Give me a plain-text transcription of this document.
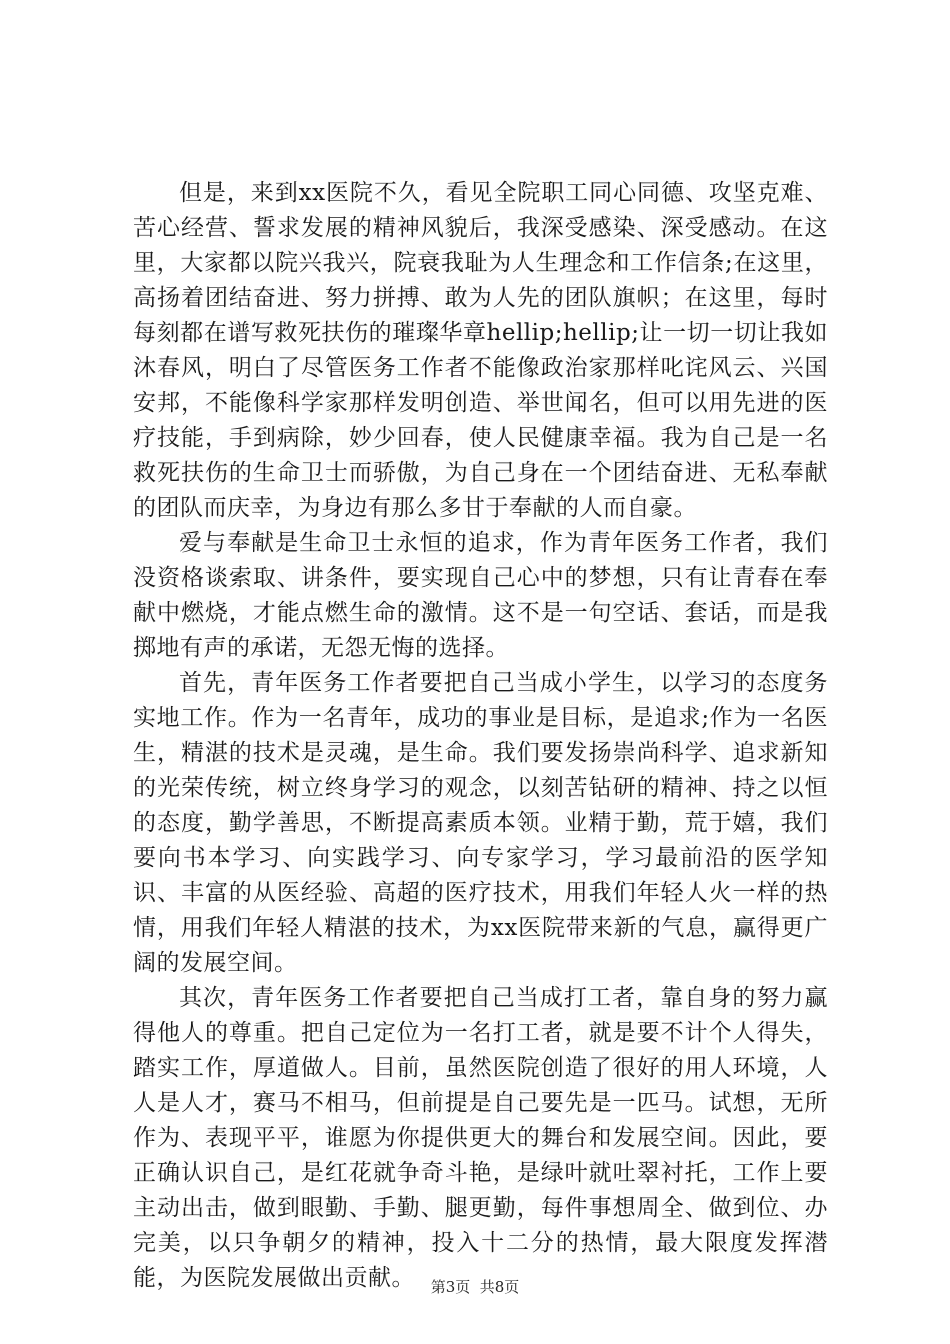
但是，来到xx医院不久，看见全院职工同心同德、攻坚克难、苦心经营、誓求发展的精神风貌后，我深受感染、深受感动。在这里，大家都以院兴我兴，院衰我耻为人生理念和工作信条;在这里，高扬着团结奋进、努力拼搏、敢为人先的团队旗帜；在这里，每时每刻都在谱写救死扶伤的璀璨华章hellip;hellip;让一切一切让我如沐春风，明白了尽管医务工作者不能像政治家那样叱诧风云、兴国安邦，不能像科学家那样发明创造、举世闻名，但可以用先进的医疗技能，手到病除，妙少回春，使人民健康幸福。我为自己是一名救死扶伤的生命卫士而骄傲，为自己身在一个团结奋进、无私奉献的团队而庆幸，为身边有那么多甘于奉献的人而自豪。

爱与奉献是生命卫士永恒的追求，作为青年医务工作者，我们没资格谈索取、讲条件，要实现自己心中的梦想，只有让青春在奉献中燃烧，才能点燃生命的激情。这不是一句空话、套话，而是我掷地有声的承诺，无怨无悔的选择。

首先，青年医务工作者要把自己当成小学生，以学习的态度务实地工作。作为一名青年，成功的事业是目标，是追求;作为一名医生，精湛的技术是灵魂，是生命。我们要发扬崇尚科学、追求新知的光荣传统，树立终身学习的观念，以刻苦钻研的精神、持之以恒的态度，勤学善思，不断提高素质本领。业精于勤，荒于嬉，我们要向书本学习、向实践学习、向专家学习，学习最前沿的医学知识、丰富的从医经验、高超的医疗技术，用我们年轻人火一样的热情，用我们年轻人精湛的技术，为xx医院带来新的气息，赢得更广阔的发展空间。

其次，青年医务工作者要把自己当成打工者，靠自身的努力赢得他人的尊重。把自己定位为一名打工者，就是要不计个人得失，踏实工作，厚道做人。目前，虽然医院创造了很好的用人环境，人人是人才，赛马不相马，但前提是自己要先是一匹马。试想，无所作为、表现平平，谁愿为你提供更大的舞台和发展空间。因此，要正确认识自己，是红花就争奇斗艳，是绿叶就吐翠衬托，工作上要主动出击，做到眼勤、手勤、腿更勤，每件事想周全、做到位、办完美，以只争朝夕的精神，投入十二分的热情，最大限度发挥潜能，为医院发展做出贡献。	第3页  共8页
